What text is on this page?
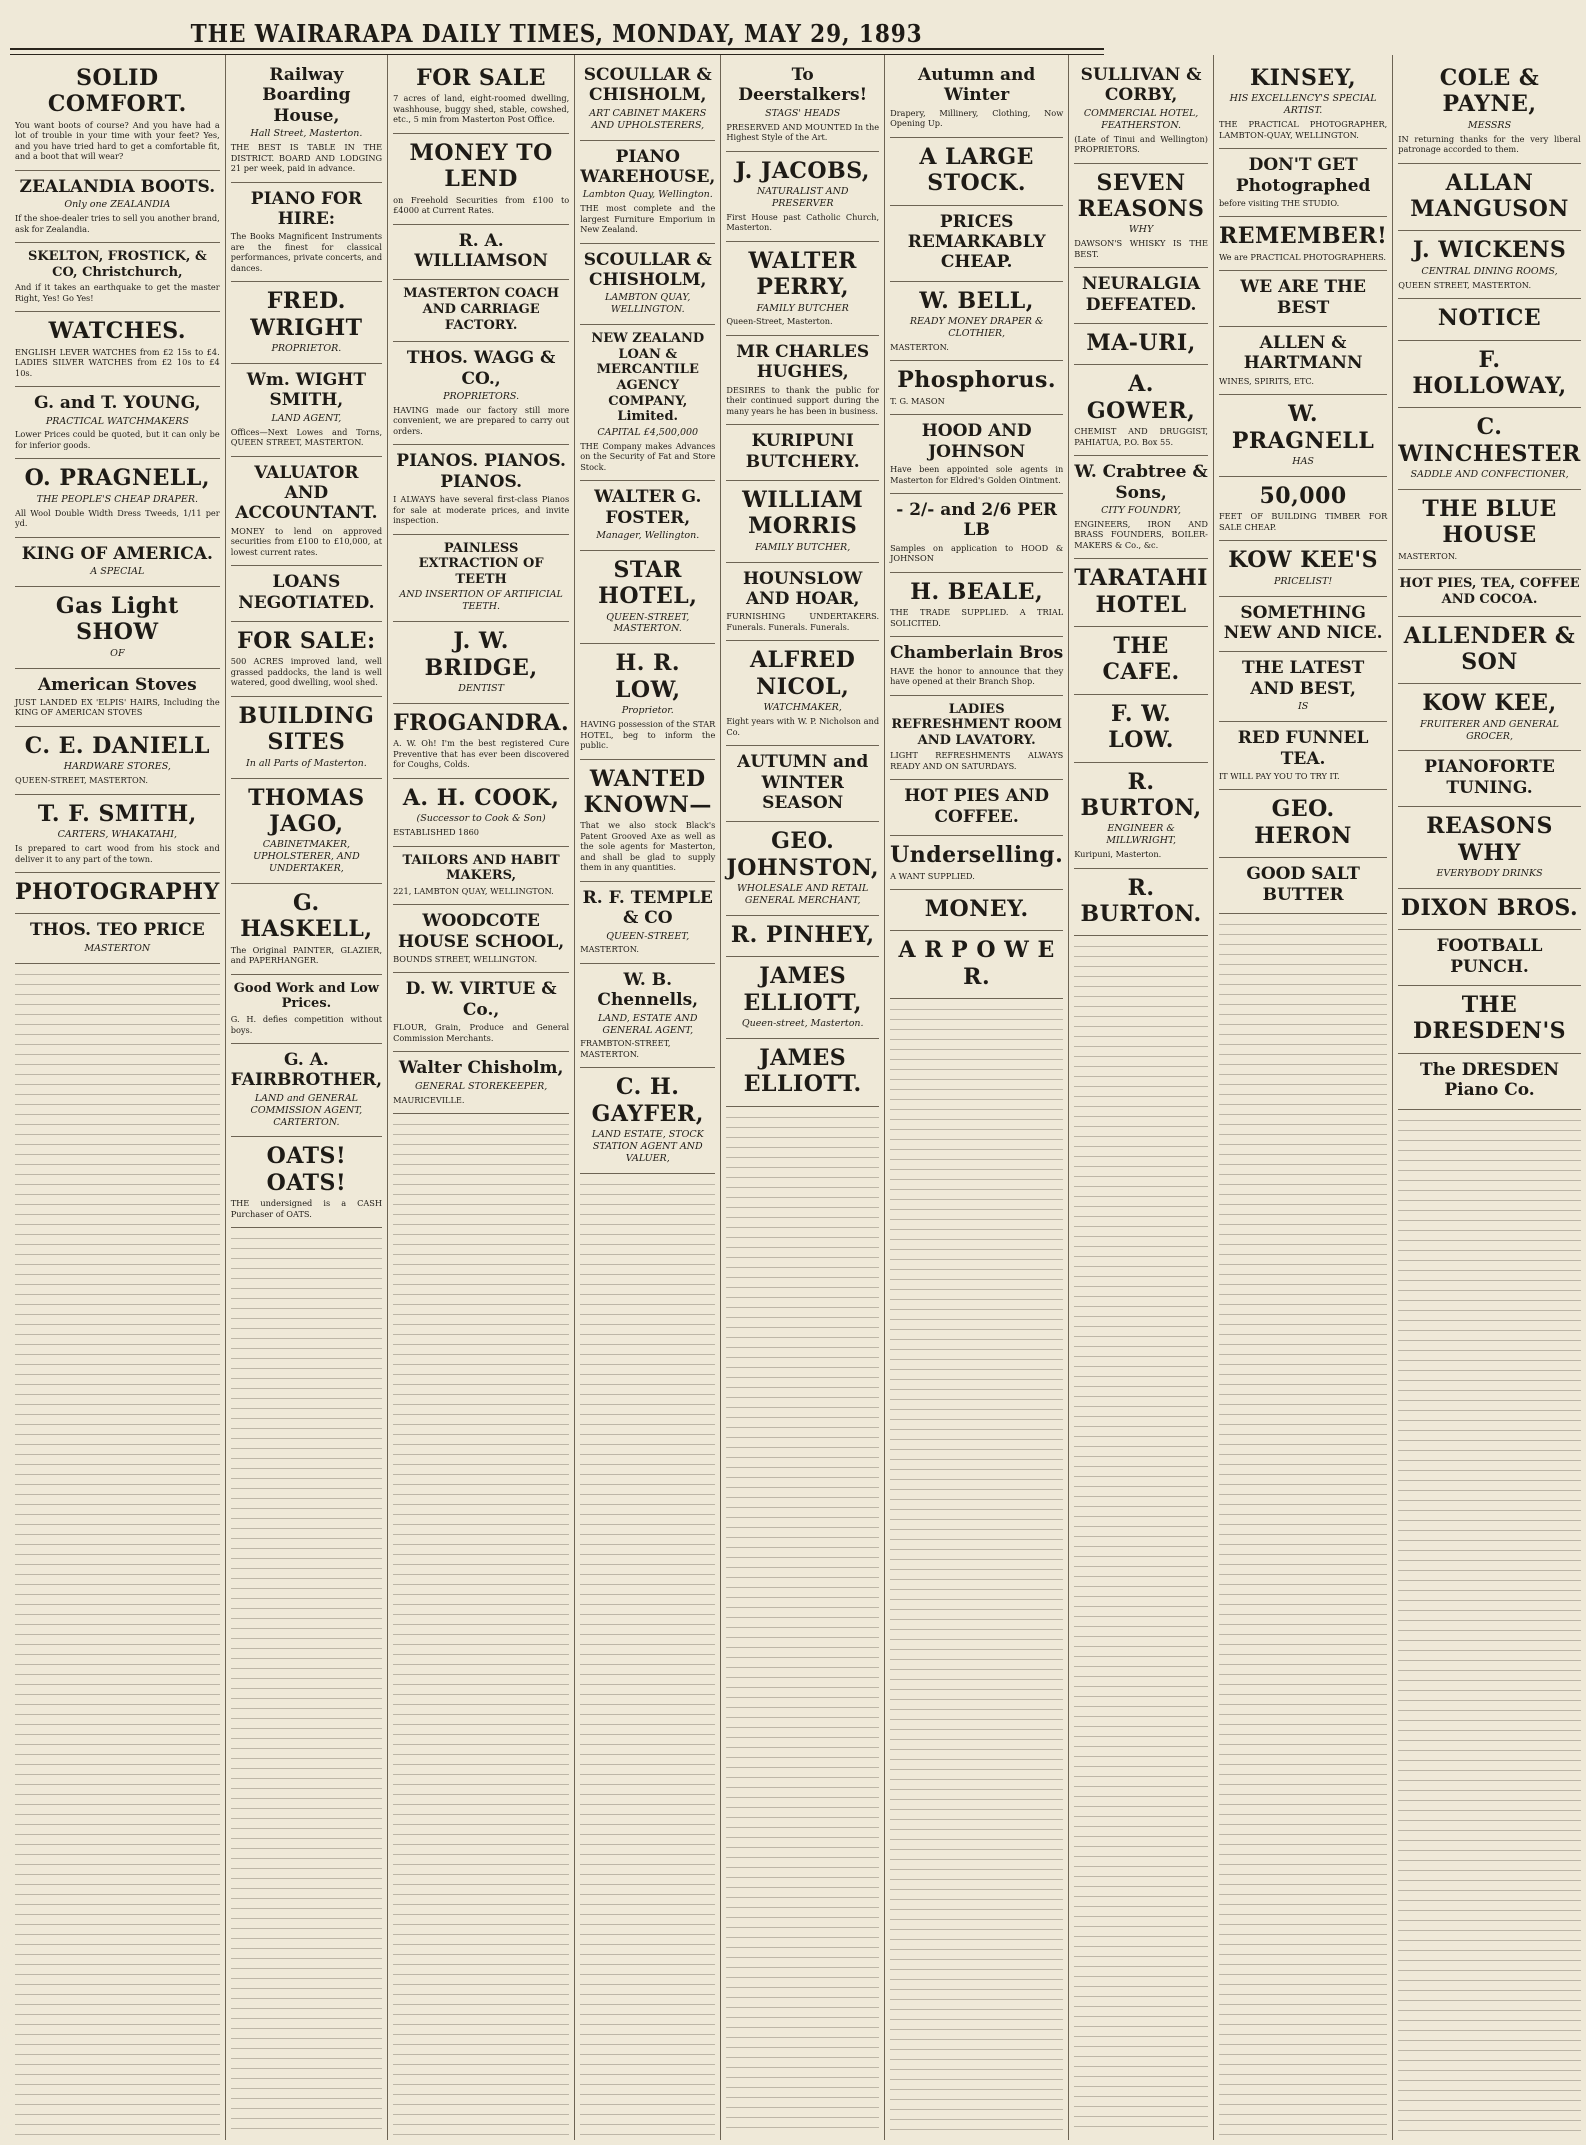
THE WAIRARAPA DAILY TIMES, MONDAY, MAY 29, 1893
SOLID COMFORT.
You want boots of course? And you have had a lot of trouble in your time with your feet? Yes, and you have tried hard to get a comfortable fit, and a boot that will wear?
ZEALANDIA BOOTS.
Only one ZEALANDIA
If the shoe-dealer tries to sell you another brand, ask for Zealandia.
SKELTON, FROSTICK, & CO, Christchurch,
And if it takes an earthquake to get the master Right, Yes! Go Yes!
WATCHES.
ENGLISH LEVER WATCHES from £2 15s to £4. LADIES SILVER WATCHES from £2 10s to £4 10s.
G. and T. YOUNG,
PRACTICAL WATCHMAKERS
Lower Prices could be quoted, but it can only be for inferior goods.
O. PRAGNELL,
THE PEOPLE'S CHEAP DRAPER.
All Wool Double Width Dress Tweeds, 1/11 per yd.
KING OF AMERICA.
A SPECIAL
Gas Light SHOW
OF
American Stoves
JUST LANDED EX 'ELPIS' HAIRS, Including the KING OF AMERICAN STOVES
C. E. DANIELL
HARDWARE STORES,
QUEEN-STREET, MASTERTON.
T. F. SMITH,
CARTERS, WHAKATAHI,
Is prepared to cart wood from his stock and deliver it to any part of the town.
PHOTOGRAPHY
THOS. TEO PRICE
MASTERTON
Railway Boarding House,
Hall Street, Masterton.
THE BEST IS TABLE IN THE DISTRICT. BOARD AND LODGING 21 per week, paid in advance.
PIANO FOR HIRE:
The Books Magnificent Instruments are the finest for classical performances, private concerts, and dances.
FRED. WRIGHT
PROPRIETOR.
Wm. WIGHT SMITH,
LAND AGENT,
Offices—Next Lowes and Torns, QUEEN STREET, MASTERTON.
VALUATOR AND ACCOUNTANT.
MONEY to lend on approved securities from £100 to £10,000, at lowest current rates.
LOANS NEGOTIATED.
FOR SALE:
500 ACRES improved land, well grassed paddocks, the land is well watered, good dwelling, wool shed.
BUILDING SITES
In all Parts of Masterton.
THOMAS JAGO,
CABINETMAKER, UPHOLSTERER, AND UNDERTAKER,
G. HASKELL,
The Original PAINTER, GLAZIER, and PAPERHANGER.
Good Work and Low Prices.
G. H. defies competition without boys.
G. A. FAIRBROTHER,
LAND and GENERAL COMMISSION AGENT, CARTERTON.
OATS! OATS!
THE undersigned is a CASH Purchaser of OATS.
FOR SALE
7 acres of land, eight-roomed dwelling, washhouse, buggy shed, stable, cowshed, etc., 5 min from Masterton Post Office.
MONEY TO LEND
on Freehold Securities from £100 to £4000 at Current Rates.
R. A. WILLIAMSON
MASTERTON COACH AND CARRIAGE FACTORY.
THOS. WAGG & CO.,
PROPRIETORS.
HAVING made our factory still more convenient, we are prepared to carry out orders.
PIANOS. PIANOS. PIANOS.
I ALWAYS have several first-class Pianos for sale at moderate prices, and invite inspection.
PAINLESS EXTRACTION OF TEETH
AND INSERTION OF ARTIFICIAL TEETH.
J. W. BRIDGE,
DENTIST
FROGANDRA.
A. W. Oh! I'm the best registered Cure Preventive that has ever been discovered for Coughs, Colds.
A. H. COOK,
(Successor to Cook & Son)
ESTABLISHED 1860
TAILORS AND HABIT MAKERS,
221, LAMBTON QUAY, WELLINGTON.
WOODCOTE HOUSE SCHOOL,
BOUNDS STREET, WELLINGTON.
D. W. VIRTUE & Co.,
FLOUR, Grain, Produce and General Commission Merchants.
Walter Chisholm,
GENERAL STOREKEEPER,
MAURICEVILLE.
SCOULLAR & CHISHOLM,
ART CABINET MAKERS AND UPHOLSTERERS,
PIANO WAREHOUSE,
Lambton Quay, Wellington.
THE most complete and the largest Furniture Emporium in New Zealand.
SCOULLAR & CHISHOLM,
LAMBTON QUAY, WELLINGTON.
NEW ZEALAND LOAN & MERCANTILE AGENCY COMPANY, Limited.
CAPITAL £4,500,000
THE Company makes Advances on the Security of Fat and Store Stock.
WALTER G. FOSTER,
Manager, Wellington.
STAR HOTEL,
QUEEN-STREET, MASTERTON.
H. R. LOW,
Proprietor.
HAVING possession of the STAR HOTEL, beg to inform the public.
WANTED KNOWN—
That we also stock Black's Patent Grooved Axe as well as the sole agents for Masterton, and shall be glad to supply them in any quantities.
R. F. TEMPLE & CO
QUEEN-STREET,
MASTERTON.
W. B. Chennells,
LAND, ESTATE AND GENERAL AGENT,
FRAMBTON-STREET, MASTERTON.
C. H. GAYFER,
LAND ESTATE, STOCK STATION AGENT AND VALUER,
To Deerstalkers!
STAGS' HEADS
PRESERVED AND MOUNTED In the Highest Style of the Art.
J. JACOBS,
NATURALIST AND PRESERVER
First House past Catholic Church, Masterton.
WALTER PERRY,
FAMILY BUTCHER
Queen-Street, Masterton.
MR CHARLES HUGHES,
DESIRES to thank the public for their continued support during the many years he has been in business.
KURIPUNI BUTCHERY.
WILLIAM MORRIS
FAMILY BUTCHER,
HOUNSLOW AND HOAR,
FURNISHING UNDERTAKERS. Funerals. Funerals. Funerals.
ALFRED NICOL,
WATCHMAKER,
Eight years with W. P. Nicholson and Co.
AUTUMN and WINTER SEASON
GEO. JOHNSTON,
WHOLESALE AND RETAIL GENERAL MERCHANT,
R. PINHEY,
JAMES ELLIOTT,
Queen-street, Masterton.
JAMES ELLIOTT.
Autumn and Winter
Drapery, Millinery, Clothing, Now Opening Up.
A LARGE STOCK.
PRICES REMARKABLY CHEAP.
W. BELL,
READY MONEY DRAPER & CLOTHIER,
MASTERTON.
Phosphorus.
T. G. MASON
HOOD AND JOHNSON
Have been appointed sole agents in Masterton for Eldred's Golden Ointment.
- 2/- and 2/6 PER LB
Samples on application to HOOD & JOHNSON
H. BEALE,
THE TRADE SUPPLIED. A TRIAL SOLICITED.
Chamberlain Bros
HAVE the honor to announce that they have opened at their Branch Shop.
LADIES REFRESHMENT ROOM AND LAVATORY.
LIGHT REFRESHMENTS ALWAYS READY AND ON SATURDAYS.
HOT PIES AND COFFEE.
Underselling.
A WANT SUPPLIED.
MONEY.
A R P O W E R.
SULLIVAN & CORBY,
COMMERCIAL HOTEL, FEATHERSTON.
(Late of Tinui and Wellington) PROPRIETORS.
SEVEN REASONS
WHY
DAWSON'S WHISKY IS THE BEST.
NEURALGIA DEFEATED.
MA-URI,
A. GOWER,
CHEMIST AND DRUGGIST, PAHIATUA, P.O. Box 55.
W. Crabtree & Sons,
CITY FOUNDRY,
ENGINEERS, IRON AND BRASS FOUNDERS, BOILER-MAKERS & Co., &c.
TARATAHI HOTEL
THE CAFE.
F. W. LOW.
R. BURTON,
ENGINEER & MILLWRIGHT,
Kuripuni, Masterton.
R. BURTON.
KINSEY,
HIS EXCELLENCY'S SPECIAL ARTIST.
THE PRACTICAL PHOTOGRAPHER, LAMBTON-QUAY, WELLINGTON.
DON'T GET Photographed
before visiting THE STUDIO.
REMEMBER!
We are PRACTICAL PHOTOGRAPHERS.
WE ARE THE BEST
ALLEN & HARTMANN
WINES, SPIRITS, ETC.
W. PRAGNELL
HAS
50,000
FEET OF BUILDING TIMBER FOR SALE CHEAP.
KOW KEE'S
PRICELIST!
SOMETHING NEW AND NICE.
THE LATEST AND BEST,
IS
RED FUNNEL TEA.
IT WILL PAY YOU TO TRY IT.
GEO. HERON
GOOD SALT BUTTER
COLE & PAYNE,
MESSRS
IN returning thanks for the very liberal patronage accorded to them.
ALLAN MANGUSON
J. WICKENS
CENTRAL DINING ROOMS,
QUEEN STREET, MASTERTON.
NOTICE
F. HOLLOWAY,
C. WINCHESTER
SADDLE AND CONFECTIONER,
THE BLUE HOUSE
MASTERTON.
HOT PIES, TEA, COFFEE AND COCOA.
ALLENDER & SON
KOW KEE,
FRUITERER AND GENERAL GROCER,
PIANOFORTE TUNING.
REASONS WHY
EVERYBODY DRINKS
DIXON BROS.
FOOTBALL PUNCH.
THE DRESDEN'S
The DRESDEN Piano Co.
